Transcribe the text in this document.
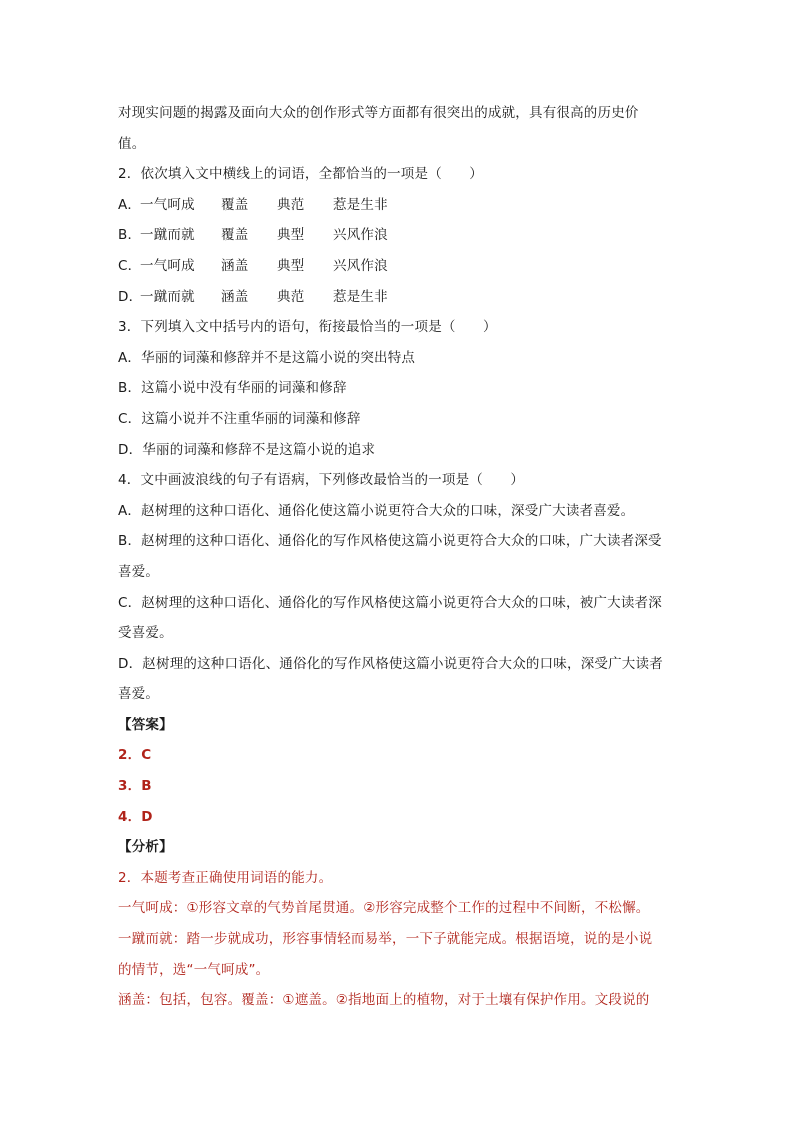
对现实问题的揭露及面向大众的创作形式等方面都有很突出的成就，具有很高的历史价
值。
2．依次填入文中横线上的词语，全都恰当的一项是（　　）
A．
一气呵成	覆盖	典范	惹是生非
B．
一蹴而就	覆盖	典型	兴风作浪
C．
一气呵成	涵盖	典型	兴风作浪
D．
一蹴而就	涵盖	典范	惹是生非
3．下列填入文中括号内的语句，衔接最恰当的一项是（　　）
A．华丽的词藻和修辞并不是这篇小说的突出特点
B．这篇小说中没有华丽的词藻和修辞
C．这篇小说并不注重华丽的词藻和修辞
D．华丽的词藻和修辞不是这篇小说的追求
4．文中画波浪线的句子有语病，下列修改最恰当的一项是（　　）
A．赵树理的这种口语化、通俗化使这篇小说更符合大众的口味，深受广大读者喜爱。
B．赵树理的这种口语化、通俗化的写作风格使这篇小说更符合大众的口味，广大读者深受
喜爱。
C．赵树理的这种口语化、通俗化的写作风格使这篇小说更符合大众的口味，被广大读者深
受喜爱。
D．赵树理的这种口语化、通俗化的写作风格使这篇小说更符合大众的口味，深受广大读者
喜爱。
【答案】
2．C
3．B
4．D
【分析】
2．本题考查正确使用词语的能力。
一气呵成：①形容文章的气势首尾贯通。②形容完成整个工作的过程中不间断，不松懈。
一蹴而就：踏一步就成功，形容事情轻而易举，一下子就能完成。根据语境，说的是小说
的情节，选“一气呵成”。
涵盖：包括，包容。覆盖：①遮盖。②指地面上的植物，对于土壤有保护作用。文段说的
